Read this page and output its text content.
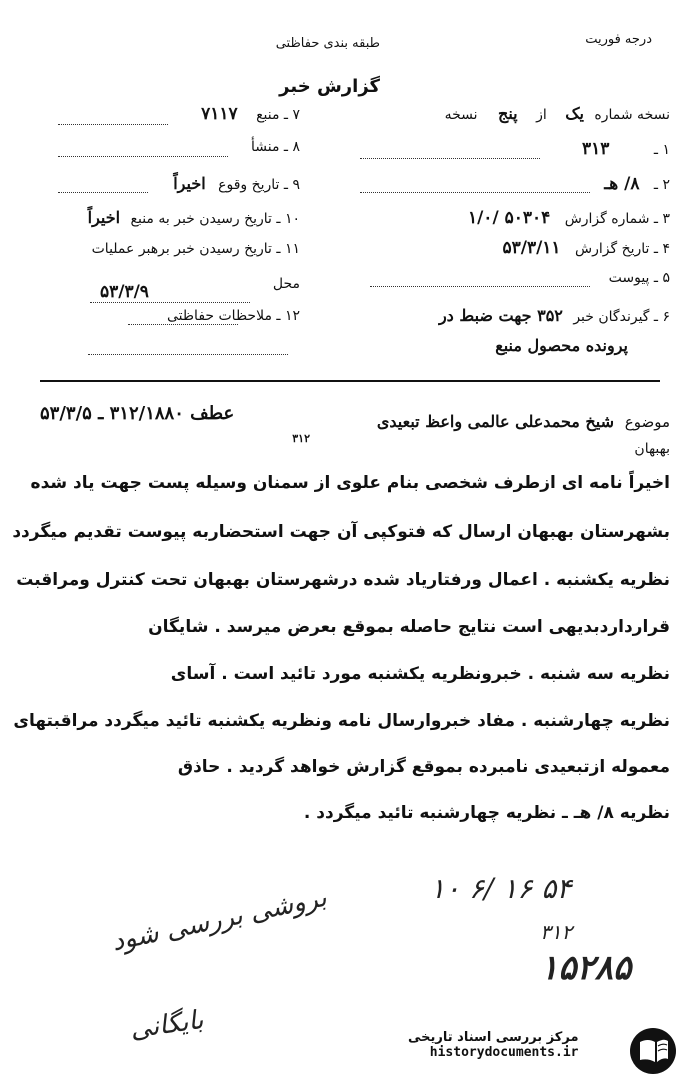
درجه فوریت
طبقه بندی حفاظتی
گزارش خبر
نسخه شماره یک از پنج نسخه
۱ ـ ۳۱۳
۲ ـ ۸/ هـ
۳ ـ شماره گزارش ۵۰۳۰۴ /۱/۰
۴ ـ تاریخ گزارش ۵۳/۳/۱۱
۵ ـ پیوست
۶ ـ گیرندگان خبر ۳۵۲ جهت ضبط در
پرونده محصول منبع
۷ ـ منبع ۷۱۱۷
۸ ـ منشأ
۹ ـ تاریخ وقوع اخیراً
۱۰ ـ تاریخ رسیدن خبر به منبع اخیراً
۱۱ ـ تاریخ رسیدن خبر برهبر عملیات
محل
۵۳/۳/۹
۱۲ ـ ملاحظات حفاظتی
موضوع شیخ محمدعلی عالمی واعظ تبعیدی
عطف ۳۱۲/۱۸۸۰ ـ ۵۳/۳/۵
۳۱۲
بهبهان
اخیراً نامه ای ازطرف شخصی بنام علوی از سمنان وسیله پست جهت یاد شده
بشهرستان بهبهان ارسال که فتوکپی آن جهت استحضاربه پیوست تقدیم میگردد
نظریه یکشنبه . اعمال ورفتاریاد شده درشهرستان بهبهان تحت کنترل ومراقبت
قرارداردبدیهی است نتایج حاصله بموقع بعرض میرسد . شایگان
نظریه سه شنبه . خبرونظریه یکشنبه مورد تائید است . آسای
نظریه چهارشنبه . مفاد خبروارسال نامه ونظریه یکشنبه تائید میگردد مراقبتهای
معموله ازتبعیدی نامبرده بموقع گزارش خواهد گردید . حاذق
نظریه ۸/ هـ ـ نظریه چهارشنبه تائید میگردد .
۱۰ ۶/ ۱۶ ۵۴
۳۱۲
۱۵۲۸۵
بروشی بررسی شود
بایگانی	مرکز بررسی اسناد تاریخی
historydocuments.ir
